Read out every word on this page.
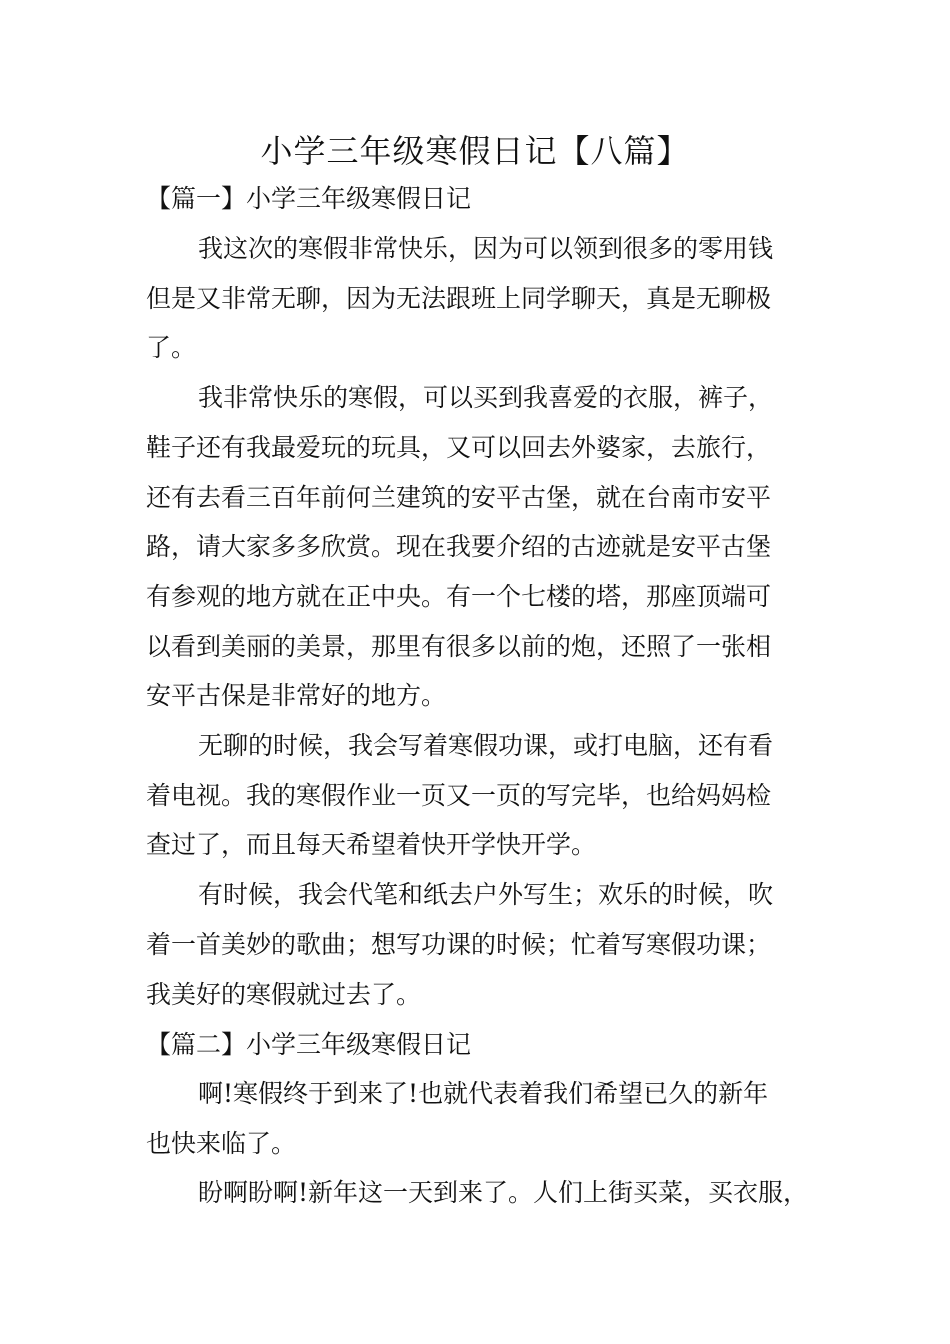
小学三年级寒假日记【八篇】
【篇一】小学三年级寒假日记
我这次的寒假非常快乐，因为可以领到很多的零用钱
但是又非常无聊，因为无法跟班上同学聊天，真是无聊极
了。
我非常快乐的寒假，可以买到我喜爱的衣服，裤子，
鞋子还有我最爱玩的玩具，又可以回去外婆家，去旅行，
还有去看三百年前何兰建筑的安平古堡，就在台南市安平
路，请大家多多欣赏。现在我要介绍的古迹就是安平古堡
有参观的地方就在正中央。有一个七楼的塔，那座顶端可
以看到美丽的美景，那里有很多以前的炮，还照了一张相
安平古保是非常好的地方。
无聊的时候，我会写着寒假功课，或打电脑，还有看
着电视。我的寒假作业一页又一页的写完毕，也给妈妈检
查过了，而且每天希望着快开学快开学。
有时候，我会代笔和纸去户外写生；欢乐的时候，吹
着一首美妙的歌曲；想写功课的时候；忙着写寒假功课；
我美好的寒假就过去了。
【篇二】小学三年级寒假日记
啊!寒假终于到来了!也就代表着我们希望已久的新年
也快来临了。
盼啊盼啊!新年这一天到来了。人们上街买菜，买衣服，
